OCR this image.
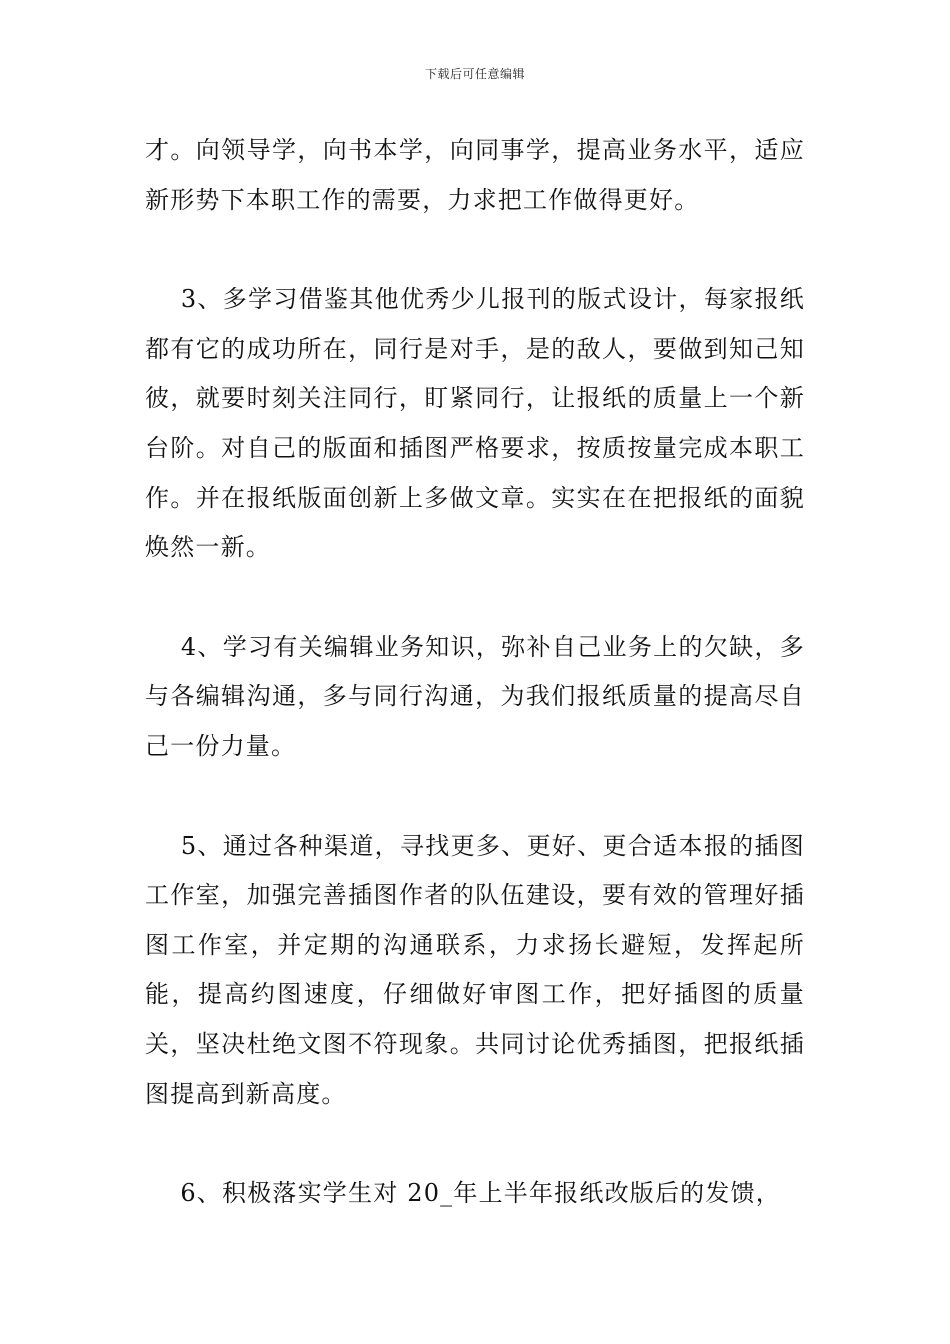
下载后可任意编辑

才。向领导学，向书本学，向同事学，提高业务水平，适应新形势下本职工作的需要，力求把工作做得更好。

3、多学习借鉴其他优秀少儿报刊的版式设计，每家报纸都有它的成功所在，同行是对手，是的敌人，要做到知己知彼，就要时刻关注同行，盯紧同行，让报纸的质量上一个新台阶。对自己的版面和插图严格要求，按质按量完成本职工作。并在报纸版面创新上多做文章。实实在在把报纸的面貌焕然一新。

4、学习有关编辑业务知识，弥补自己业务上的欠缺，多与各编辑沟通，多与同行沟通，为我们报纸质量的提高尽自己一份力量。

5、通过各种渠道，寻找更多、更好、更合适本报的插图工作室，加强完善插图作者的队伍建设，要有效的管理好插图工作室，并定期的沟通联系，力求扬长避短，发挥起所能，提高约图速度，仔细做好审图工作，把好插图的质量关，坚决杜绝文图不符现象。共同讨论优秀插图，把报纸插图提高到新高度。

6、积极落实学生对 20_年上半年报纸改版后的发馈，
